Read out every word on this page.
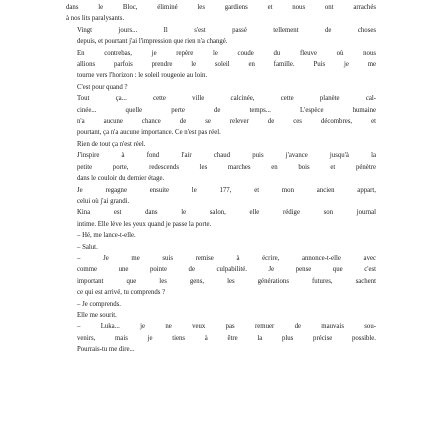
dans le Bloc, éliminé les gardiens et nous ont arrachés
à nos lits paralysants.
Vingt jours... Il s'est passé tellement de choses
depuis, et pourtant j'ai l'impression que rien n'a changé.
En contrebas, je repère le coude du fleuve où nous
allions parfois prendre le soleil en famille. Puis je me
tourne vers l'horizon : le soleil rougeoie au loin.
C'est pour quand ?
Tout ça... cette ville calcinée, cette planète cal-
cinée... quelle perte de temps... L'espèce humaine
n'a aucune chance de se relever de ces décombres, et
pourtant, ça n'a aucune importance. Ce n'est pas réel.
Rien de tout ça n'est réel.
J'inspire à fond l'air chaud puis j'avance jusqu'à la
petite porte, redescends les marches en bois et pénètre
dans le couloir du dernier étage.
Je regagne ensuite le 177, et mon ancien appart,
celui où j'ai grandi.
Kina est dans le salon, elle rédige son journal
intime. Elle lève les yeux quand je passe la porte.
– Hé, me lance-t-elle.
– Salut.
– Je me suis remise à écrire, annonce-t-elle avec
comme une pointe de culpabilité. Je pense que c'est
important que les gens, les générations futures, sachent
ce qui est arrivé, tu comprends ?
– Je comprends.
Elle me sourit.
– Luka... je ne veux pas remuer de mauvais sou-
venirs, mais je tiens à être la plus précise possible.
Pourrais-tu me dire...
